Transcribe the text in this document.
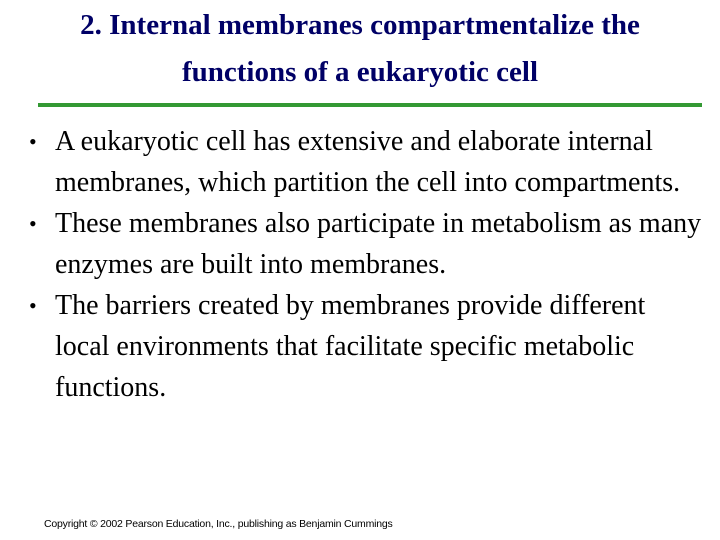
2. Internal membranes compartmentalize the
functions of a eukaryotic cell
• A eukaryotic cell has extensive and elaborate internal membranes, which partition the cell into compartments.
• These membranes also participate in metabolism as many enzymes are built into membranes.
• The barriers created by membranes provide different local environments that facilitate specific metabolic functions.
Copyright © 2002 Pearson Education, Inc., publishing as Benjamin Cummings
